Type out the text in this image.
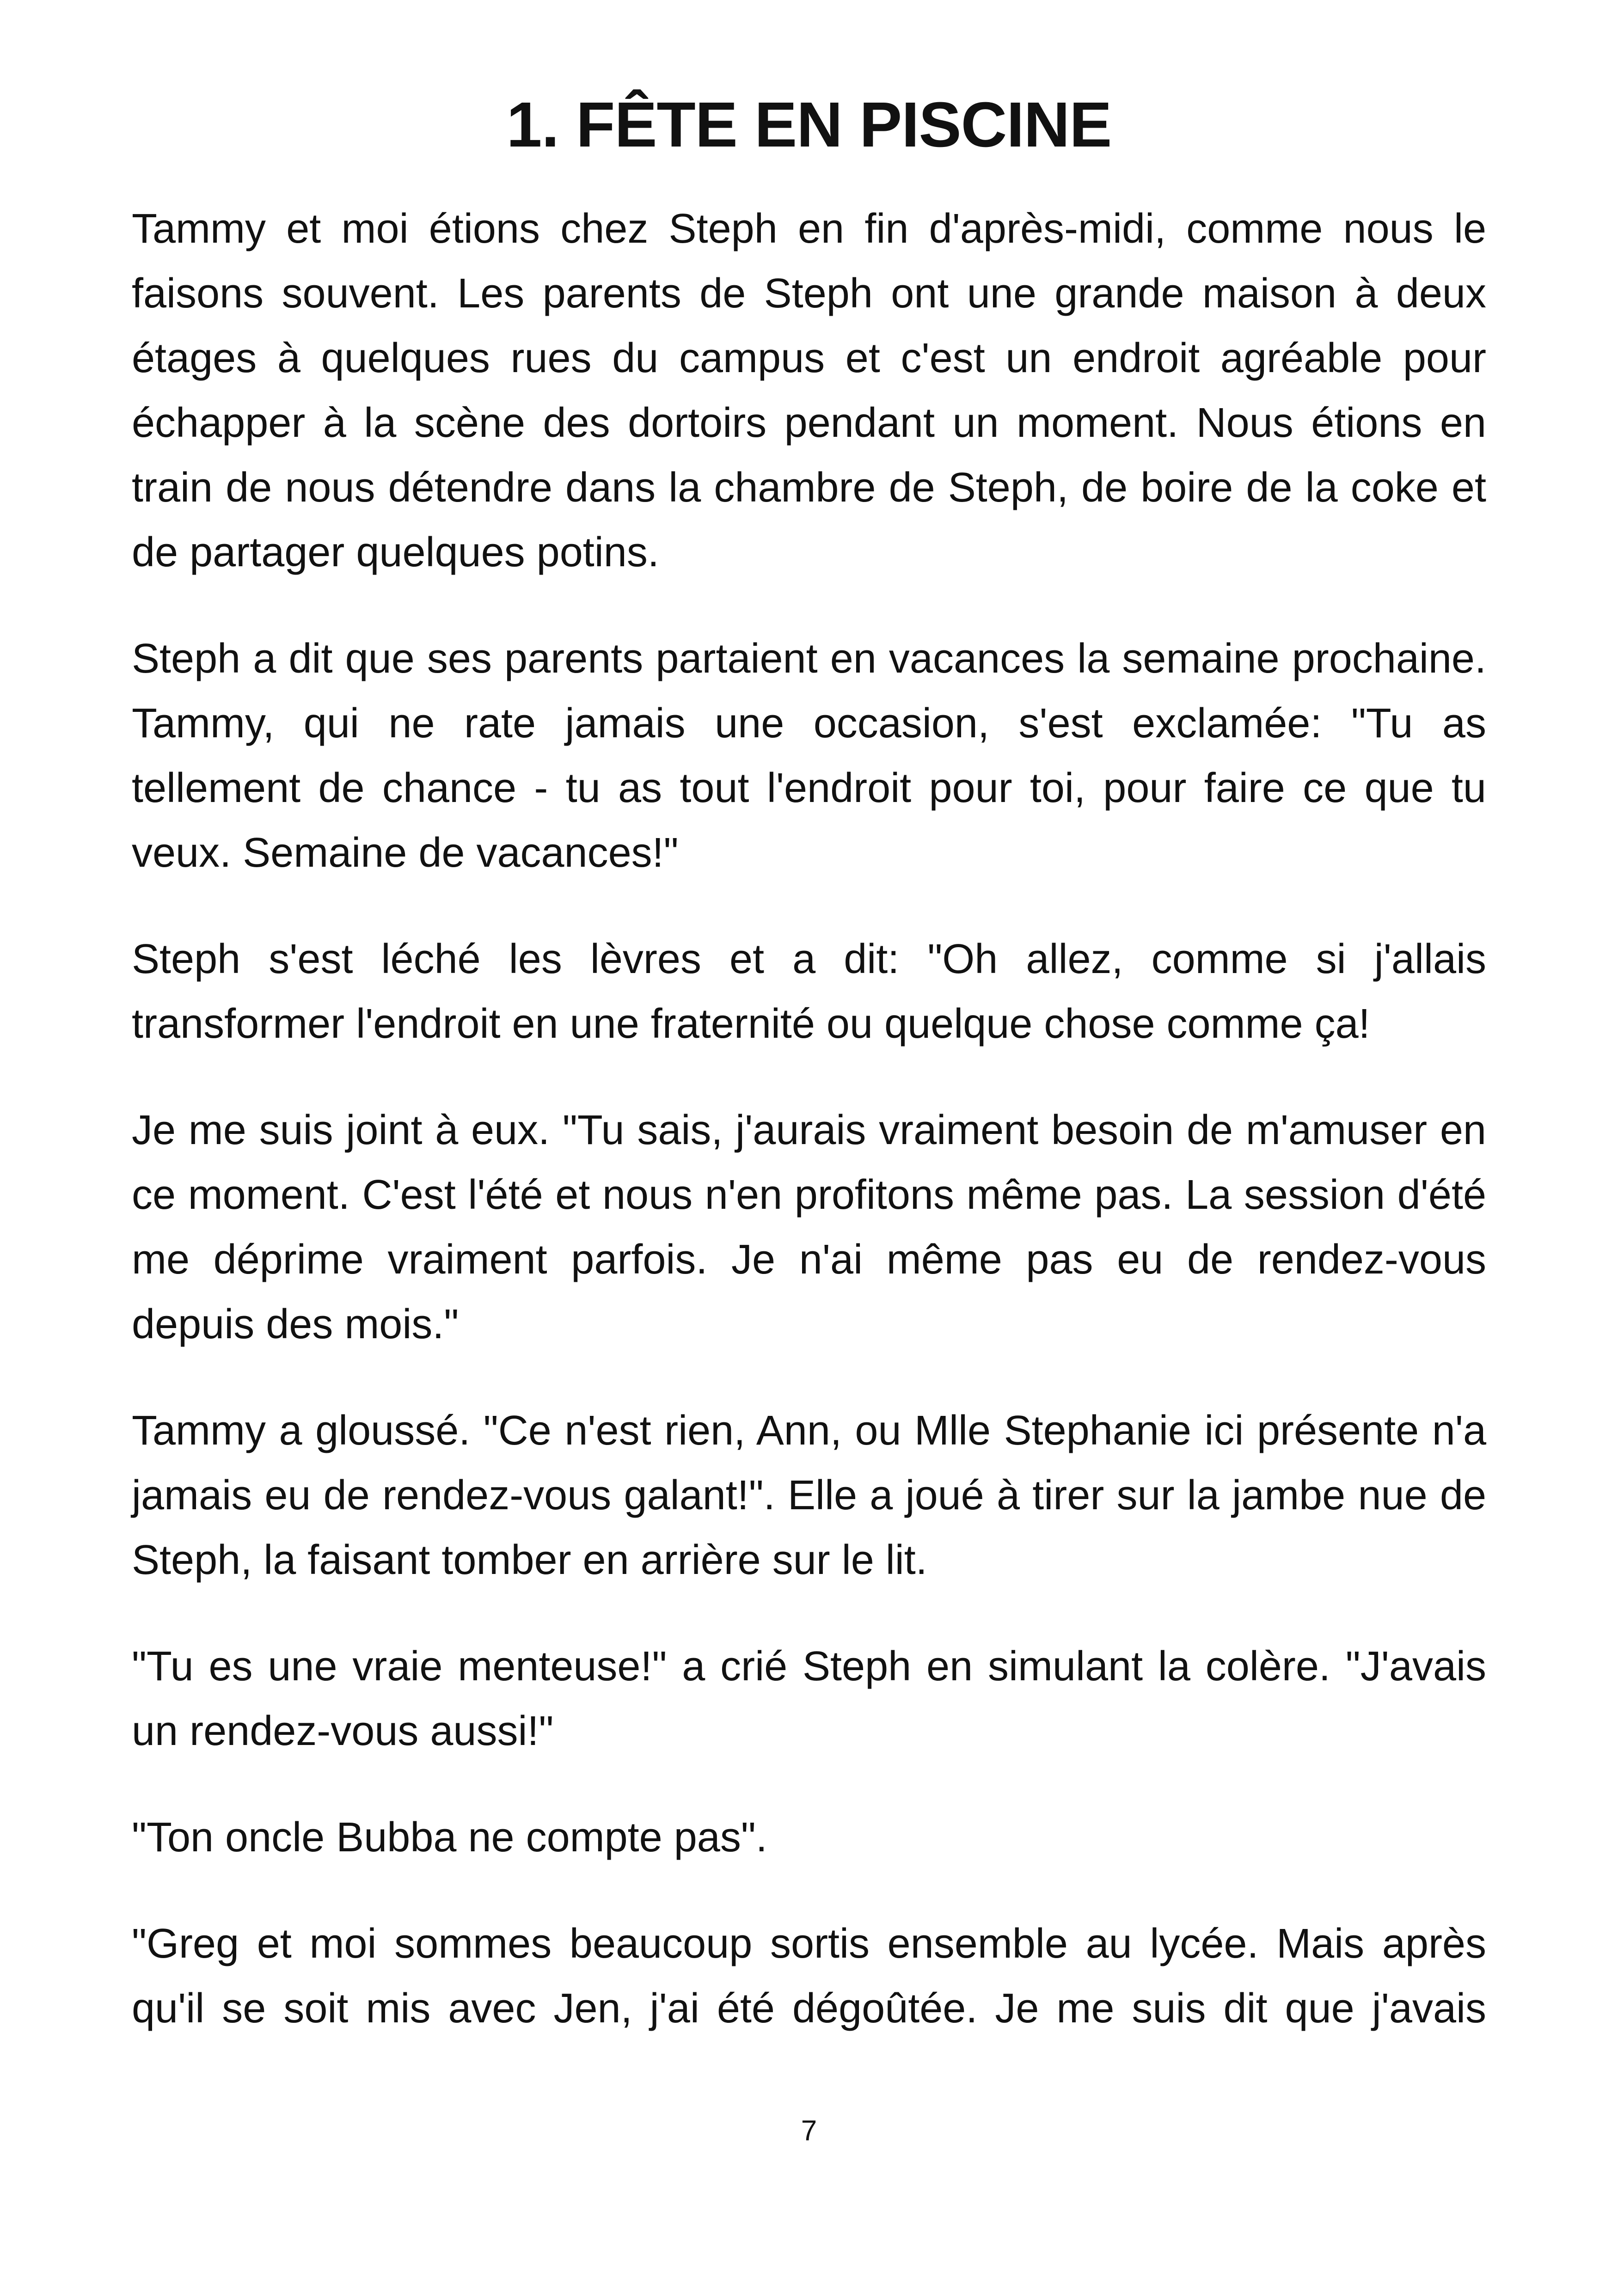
1. FÊTE EN PISCINE

Tammy et moi étions chez Steph en fin d'après-midi, comme nous le faisons souvent. Les parents de Steph ont une grande maison à deux étages à quelques rues du campus et c'est un endroit agréable pour échapper à la scène des dortoirs pendant un moment. Nous étions en train de nous détendre dans la chambre de Steph, de boire de la coke et de partager quelques potins.

Steph a dit que ses parents partaient en vacances la semaine prochaine. Tammy, qui ne rate jamais une occasion, s'est exclamée: "Tu as tellement de chance - tu as tout l'endroit pour toi, pour faire ce que tu veux. Semaine de vacances!"

Steph s'est léché les lèvres et a dit: "Oh allez, comme si j'allais transformer l'endroit en une fraternité ou quelque chose comme ça!

Je me suis joint à eux. "Tu sais, j'aurais vraiment besoin de m'amuser en ce moment. C'est l'été et nous n'en profitons même pas. La session d'été me déprime vraiment parfois. Je n'ai même pas eu de rendez-vous depuis des mois."

Tammy a gloussé. "Ce n'est rien, Ann, ou Mlle Stephanie ici présente n'a jamais eu de rendez-vous galant!". Elle a joué à tirer sur la jambe nue de Steph, la faisant tomber en arrière sur le lit.

"Tu es une vraie menteuse!" a crié Steph en simulant la colère. "J'avais un rendez-vous aussi!"

"Ton oncle Bubba ne compte pas".

"Greg et moi sommes beaucoup sortis ensemble au lycée. Mais après qu'il se soit mis avec Jen, j'ai été dégoûtée. Je me suis dit que j'avais

7
